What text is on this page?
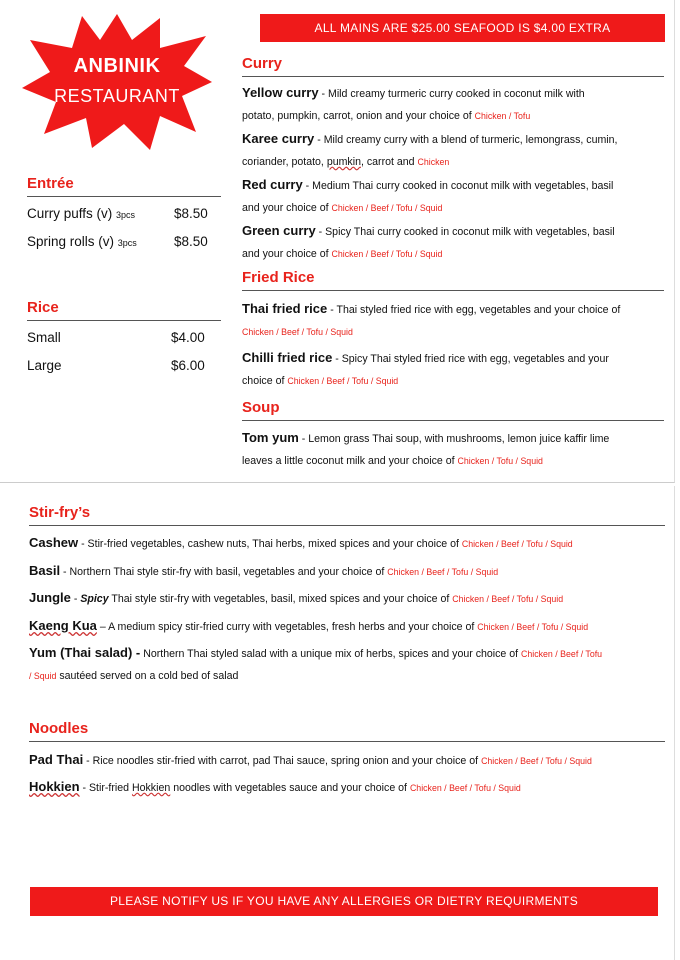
ANBINIK
RESTAURANT
ALL MAINS ARE $25.00 SEAFOOD IS $4.00 EXTRA
Entrée
Curry puffs (v) 3pcs	$8.50
Spring rolls (v) 3pcs	$8.50
Rice
Small	$4.00
Large	$6.00
Curry
Yellow curry - Mild creamy turmeric curry cooked in coconut milk with
potato, pumpkin, carrot, onion and your choice of Chicken / Tofu
Karee curry - Mild creamy curry with a blend of turmeric, lemongrass, cumin,
coriander, potato, pumkin, carrot and Chicken
Red curry - Medium Thai curry cooked in coconut milk with vegetables, basil
and your choice of Chicken / Beef / Tofu / Squid
Green curry - Spicy Thai curry cooked in coconut milk with vegetables, basil
and your choice of Chicken / Beef / Tofu / Squid
Fried Rice
Thai fried rice - Thai styled fried rice with egg, vegetables and your choice of
Chicken / Beef / Tofu / Squid
Chilli fried rice - Spicy Thai styled fried rice with egg, vegetables and your
choice of Chicken / Beef / Tofu / Squid
Soup
Tom yum - Lemon grass Thai soup, with mushrooms, lemon juice kaffir lime
leaves a little coconut milk and your choice of Chicken / Tofu / Squid
Stir-fry’s
Cashew - Stir-fried vegetables, cashew nuts, Thai herbs, mixed spices and your choice of Chicken / Beef / Tofu / Squid
Basil - Northern Thai style stir-fry with basil, vegetables and your choice of Chicken / Beef / Tofu / Squid
Jungle - Spicy Thai style stir-fry with vegetables, basil, mixed spices and your choice of Chicken / Beef / Tofu / Squid
Kaeng Kua – A medium spicy stir-fried curry with vegetables, fresh herbs and your choice of Chicken / Beef / Tofu / Squid
Yum (Thai salad) - Northern Thai styled salad with a unique mix of herbs, spices and your choice of Chicken / Beef / Tofu
/ Squid sautéed served on a cold bed of salad
Noodles
Pad Thai - Rice noodles stir-fried with carrot, pad Thai sauce, spring onion and your choice of Chicken / Beef / Tofu / Squid
Hokkien - Stir-fried Hokkien noodles with vegetables sauce and your choice of Chicken / Beef / Tofu / Squid
PLEASE NOTIFY US IF YOU HAVE ANY ALLERGIES OR DIETRY REQUIRMENTS
